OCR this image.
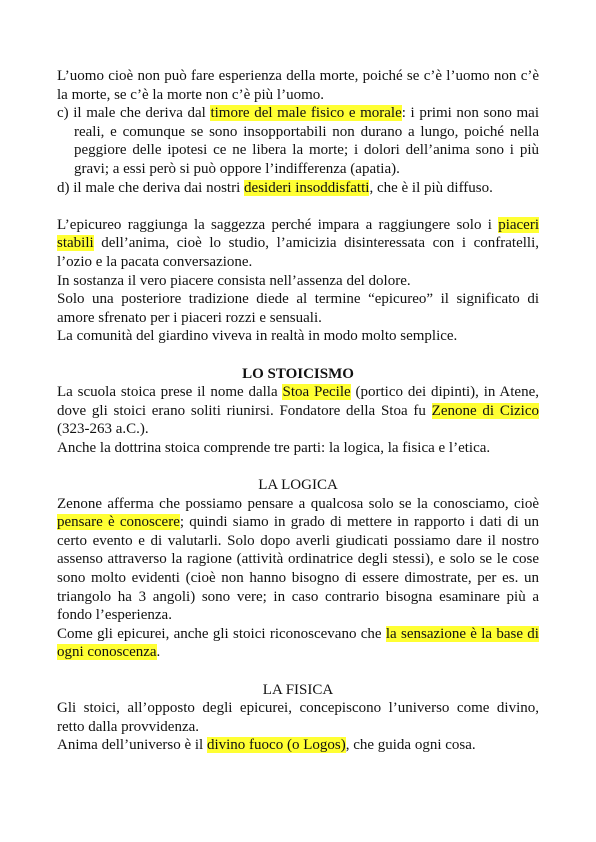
L’uomo cioè non può fare esperienza della morte, poiché se c’è l’uomo non c’è la morte, se c’è la morte non c’è più l’uomo.

c) il male che deriva dal timore del male fisico e morale: i primi non sono mai reali, e comunque se sono insopportabili non durano a lungo, poiché nella peggiore delle ipotesi ce ne libera la morte; i dolori dell’anima sono i più gravi; a essi però si può oppore l’indifferenza (apatia).

d) il male che deriva dai nostri desideri insoddisfatti, che è il più diffuso.

L’epicureo raggiunga la saggezza perché impara a raggiungere solo i piaceri stabili dell’anima, cioè lo studio, l’amicizia disinteressata con i confratelli, l’ozio e la pacata conversazione.

In sostanza il vero piacere consista nell’assenza del dolore.

Solo una posteriore tradizione diede al termine “epicureo” il significato di amore sfrenato per i piaceri rozzi e sensuali.

La comunità del giardino viveva in realtà in modo molto semplice.

LO STOICISMO

La scuola stoica prese il nome dalla Stoa Pecile (portico dei dipinti), in Atene, dove gli stoici erano soliti riunirsi. Fondatore della Stoa fu Zenone di Cizico (323-263 a.C.).

Anche la dottrina stoica comprende tre parti: la logica, la fisica e l’etica.

LA LOGICA

Zenone afferma che possiamo pensare a qualcosa solo se la conosciamo, cioè pensare è conoscere; quindi siamo in grado di mettere in rapporto i dati di un certo evento e di valutarli. Solo dopo averli giudicati possiamo dare il nostro assenso attraverso la ragione (attività ordinatrice degli stessi), e solo se le cose sono molto evidenti (cioè non hanno bisogno di essere dimostrate, per es. un triangolo ha 3 angoli) sono vere; in caso contrario bisogna esaminare più a fondo l’esperienza.

Come gli epicurei, anche gli stoici riconoscevano che la sensazione è la base di ogni conoscenza.

LA FISICA

Gli stoici, all’opposto degli epicurei, concepiscono l’universo come divino, retto dalla provvidenza.

Anima dell’universo è il divino fuoco (o Logos), che guida ogni cosa.
